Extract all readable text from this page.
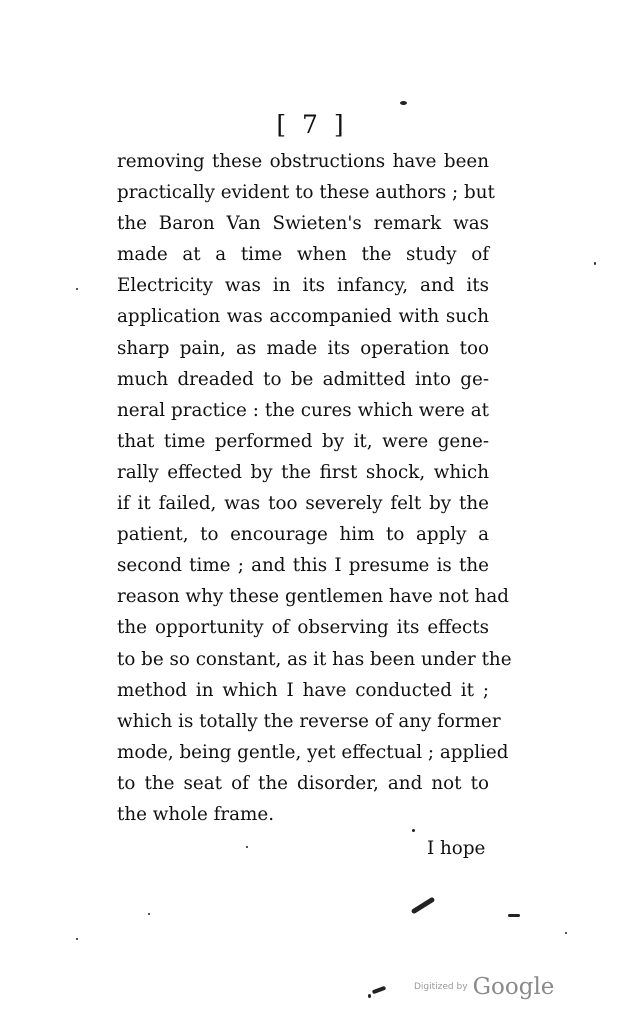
[ 7 ]
removing these obstructions have been
practically evident to these authors ; but
the Baron Van Swieten's remark was
made at a time when the study of
Electricity was in its infancy, and its
application was accompanied with such
sharp pain, as made its operation too
much dreaded to be admitted into ge-
neral practice : the cures which were at
that time performed by it, were gene-
rally effected by the first shock, which
if it failed, was too severely felt by the
patient, to encourage him to apply a
second time ; and this I presume is the
reason why these gentlemen have not had
the opportunity of observing its effects
to be so constant, as it has been under the
method in which I have conducted it ;
which is totally the reverse of any former
mode, being gentle, yet effectual ; applied
to the seat of the disorder, and not to
the whole frame.
I hope
Digitized by Google
